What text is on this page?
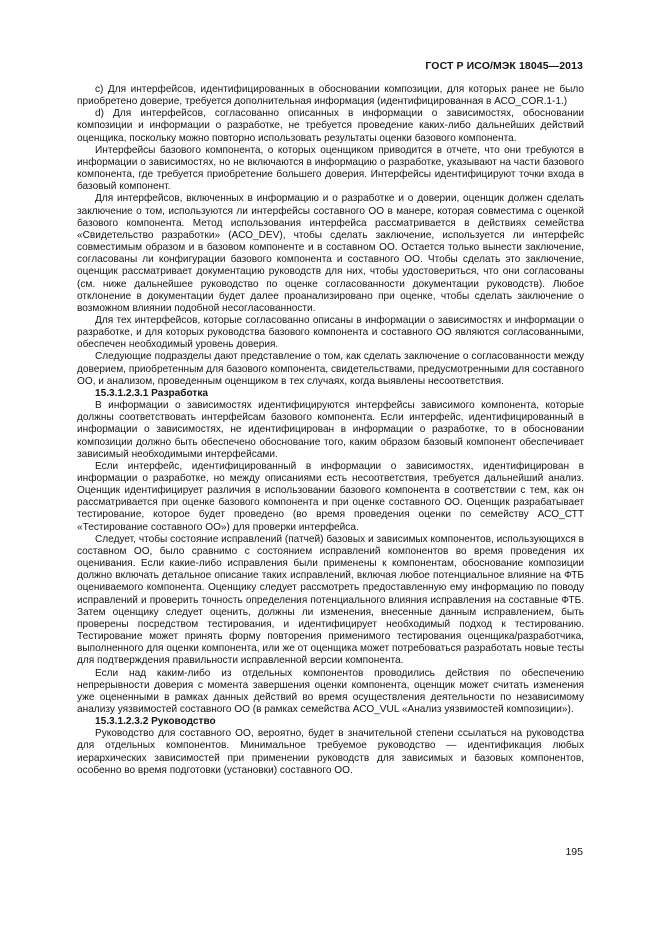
ГОСТ Р ИСО/МЭК 18045—2013

c) Для интерфейсов, идентифицированных в обосновании композиции, для которых ранее не было приобретено доверие, требуется дополнительная информация (идентифицированная в АСО_COR.1-1.)

d) Для интерфейсов, согласованно описанных в информации о зависимостях, обосновании композиции и информации о разработке, не требуется проведение каких-либо дальнейших действий оценщика, поскольку можно повторно использовать результаты оценки базового компонента.

Интерфейсы базового компонента, о которых оценщиком приводится в отчете, что они требуются в информации о зависимостях, но не включаются в информацию о разработке, указывают на части базового компонента, где требуется приобретение большего доверия. Интерфейсы идентифицируют точки входа в базовый компонент.

Для интерфейсов, включенных в информацию и о разработке и о доверии, оценщик должен сделать заключение о том, используются ли интерфейсы составного ОО в манере, которая совместима с оценкой базового компонента. Метод использования интерфейса рассматривается в действиях семейства «Свидетельство разработки» (АСО_DEV), чтобы сделать заключение, используется ли интерфейс совместимым образом и в базовом компоненте и в составном ОО. Остается только вынести заключение, согласованы ли конфигурации базового компонента и составного ОО. Чтобы сделать это заключение, оценщик рассматривает документацию руководств для них, чтобы удостовериться, что они согласованы (см. ниже дальнейшее руководство по оценке согласованности документации руководств). Любое отклонение в документации будет далее проанализировано при оценке, чтобы сделать заключение о возможном влиянии подобной несогласованности.

Для тех интерфейсов, которые согласованно описаны в информации о зависимостях и информации о разработке, и для которых руководства базового компонента и составного ОО являются согласованными, обеспечен необходимый уровень доверия.

Следующие подразделы дают представление о том, как сделать заключение о согласованности между доверием, приобретенным для базового компонента, свидетельствами, предусмотренными для составного ОО, и анализом, проведенным оценщиком в тех случаях, когда выявлены несоответствия.

15.3.1.2.3.1 Разработка

В информации о зависимостях идентифицируются интерфейсы зависимого компонента, которые должны соответствовать интерфейсам базового компонента. Если интерфейс, идентифицированный в информации о зависимостях, не идентифицирован в информации о разработке, то в обосновании композиции должно быть обеспечено обоснование того, каким образом базовый компонент обеспечивает зависимый необходимыми интерфейсами.

Если интерфейс, идентифицированный в информации о зависимостях, идентифицирован в информации о разработке, но между описаниями есть несоответствия, требуется дальнейший анализ. Оценщик идентифицирует различия в использовании базового компонента в соответствии с тем, как он рассматривается при оценке базового компонента и при оценке составного ОО. Оценщик разрабатывает тестирование, которое будет проведено (во время проведения оценки по семейству АСО_СТТ «Тестирование составного ОО») для проверки интерфейса.

Следует, чтобы состояние исправлений (патчей) базовых и зависимых компонентов, использующихся в составном ОО, было сравнимо с состоянием исправлений компонентов во время проведения их оценивания. Если какие-либо исправления были применены к компонентам, обоснование композиции должно включать детальное описание таких исправлений, включая любое потенциальное влияние на ФТБ оцениваемого компонента. Оценщику следует рассмотреть предоставленную ему информацию по поводу исправлений и проверить точность определения потенциального влияния исправления на составные ФТБ. Затем оценщику следует оценить, должны ли изменения, внесенные данным исправлением, быть проверены посредством тестирования, и идентифицирует необходимый подход к тестированию. Тестирование может принять форму повторения применимого тестирования оценщика/разработчика, выполненного для оценки компонента, или же от оценщика может потребоваться разработать новые тесты для подтверждения правильности исправленной версии компонента.

Если над каким-либо из отдельных компонентов проводились действия по обеспечению непрерывности доверия с момента завершения оценки компонента, оценщик может считать изменения уже оцененными в рамках данных действий во время осуществления деятельности по независимому анализу уязвимостей составного ОО (в рамках семейства АСО_VUL «Анализ уязвимостей композиции»).

15.3.1.2.3.2 Руководство

Руководство для составного ОО, вероятно, будет в значительной степени ссылаться на руководства для отдельных компонентов. Минимальное требуемое руководство — идентификация любых иерархических зависимостей при применении руководств для зависимых и базовых компонентов, особенно во время подготовки (установки) составного ОО.

195
